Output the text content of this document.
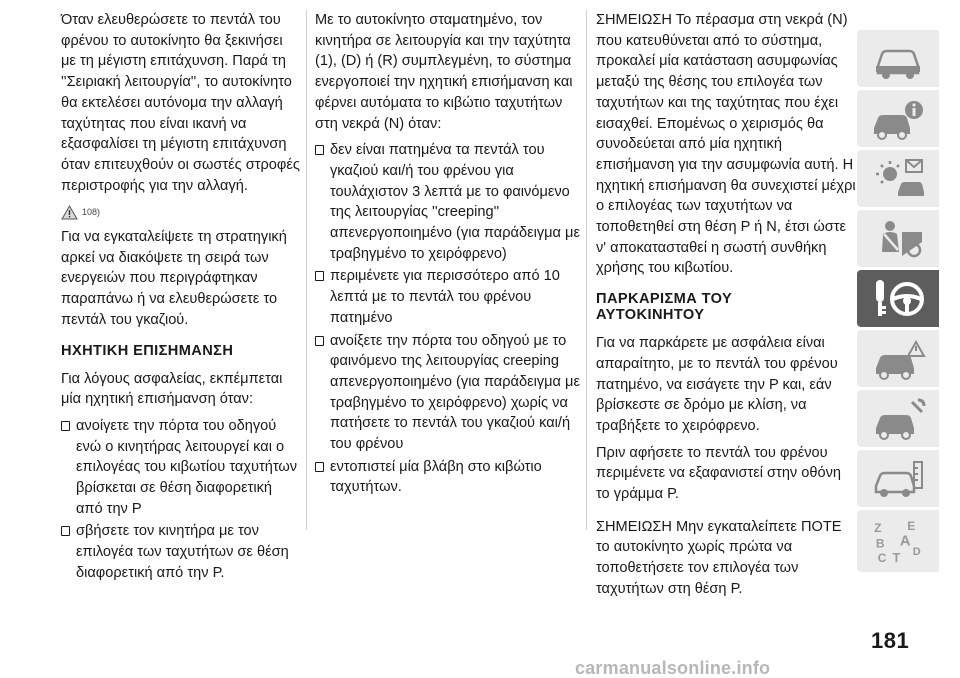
Όταν ελευθερώσετε το πεντάλ του φρένου το αυτοκίνητο θα ξεκινήσει με τη μέγιστη επιτάχυνση. Παρά τη ''Σειριακή λειτουργία'', το αυτοκίνητο θα εκτελέσει αυτόνομα την αλλαγή ταχύτητας που είναι ικανή να εξασφαλίσει τη μέγιστη επιτάχυνση όταν επιτευχθούν οι σωστές στροφές περιστροφής για την αλλαγή.

108)

Για να εγκαταλείψετε τη στρατηγική αρκεί να διακόψετε τη σειρά των ενεργειών που περιγράφτηκαν παραπάνω ή να ελευθερώσετε το πεντάλ του γκαζιού.

ΗΧΗΤΙΚΗ ΕΠΙΣΗΜΑΝΣΗ

Για λόγους ασφαλείας, εκπέμπεται μία ηχητική επισήμανση όταν:

ανοίγετε την πόρτα του οδηγού ενώ ο κινητήρας λειτουργεί και ο επιλογέας του κιβωτίου ταχυτήτων βρίσκεται σε θέση διαφορετική από την P
σβήσετε τον κινητήρα με τον επιλογέα των ταχυτήτων σε θέση διαφορετική από την P.

Με το αυτοκίνητο σταματημένο, τον κινητήρα σε λειτουργία και την ταχύτητα (1), (D) ή (R) συμπλεγμένη, το σύστημα ενεργοποιεί την ηχητική επισήμανση και φέρνει αυτόματα το κιβώτιο ταχυτήτων στη νεκρά (N) όταν:

δεν είναι πατημένα τα πεντάλ του γκαζιού και/ή του φρένου για τουλάχιστον 3 λεπτά με το φαινόμενο της λειτουργίας ''creeping'' απενεργοποιημένο (για παράδειγμα με τραβηγμένο το χειρόφρενο)
περιμένετε για περισσότερο από 10 λεπτά με το πεντάλ του φρένου πατημένο
ανοίξετε την πόρτα του οδηγού με το φαινόμενο της λειτουργίας creeping απενεργοποιημένο (για παράδειγμα με τραβηγμένο το χειρόφρενο) χωρίς να πατήσετε το πεντάλ του γκαζιού και/ή του φρένου
εντοπιστεί μία βλάβη στο κιβώτιο ταχυτήτων.

ΣΗΜΕΙΩΣΗ Το πέρασμα στη νεκρά (N) που κατευθύνεται από το σύστημα, προκαλεί μία κατάσταση ασυμφωνίας μεταξύ της θέσης του επιλογέα των ταχυτήτων και της ταχύτητας που έχει εισαχθεί. Επομένως ο χειρισμός θα συνοδεύεται από μία ηχητική επισήμανση για την ασυμφωνία αυτή. Η ηχητική επισήμανση θα συνεχιστεί μέχρι ο επιλογέας των ταχυτήτων να τοποθετηθεί στη θέση P ή N, έτσι ώστε ν' αποκατασταθεί η σωστή συνθήκη χρήσης του κιβωτίου.

ΠΑΡΚΑΡΙΣΜΑ ΤΟΥ ΑΥΤΟΚΙΝΗΤΟΥ

Για να παρκάρετε με ασφάλεια είναι απαραίτητο, με το πεντάλ του φρένου πατημένο, να εισάγετε την P και, εάν βρίσκεστε σε δρόμο με κλίση, να τραβήξετε το χειρόφρενο.

Πριν αφήσετε το πεντάλ του φρένου περιμένετε να εξαφανιστεί στην οθόνη το γράμμα P.

ΣΗΜΕΙΩΣΗ Μην εγκαταλείπετε ΠΟΤΕ το αυτοκίνητο χωρίς πρώτα να τοποθετήσετε τον επιλογέα των ταχυτήτων στη θέση P.

Z E
B A
C T D
181
carmanualsonline.info
